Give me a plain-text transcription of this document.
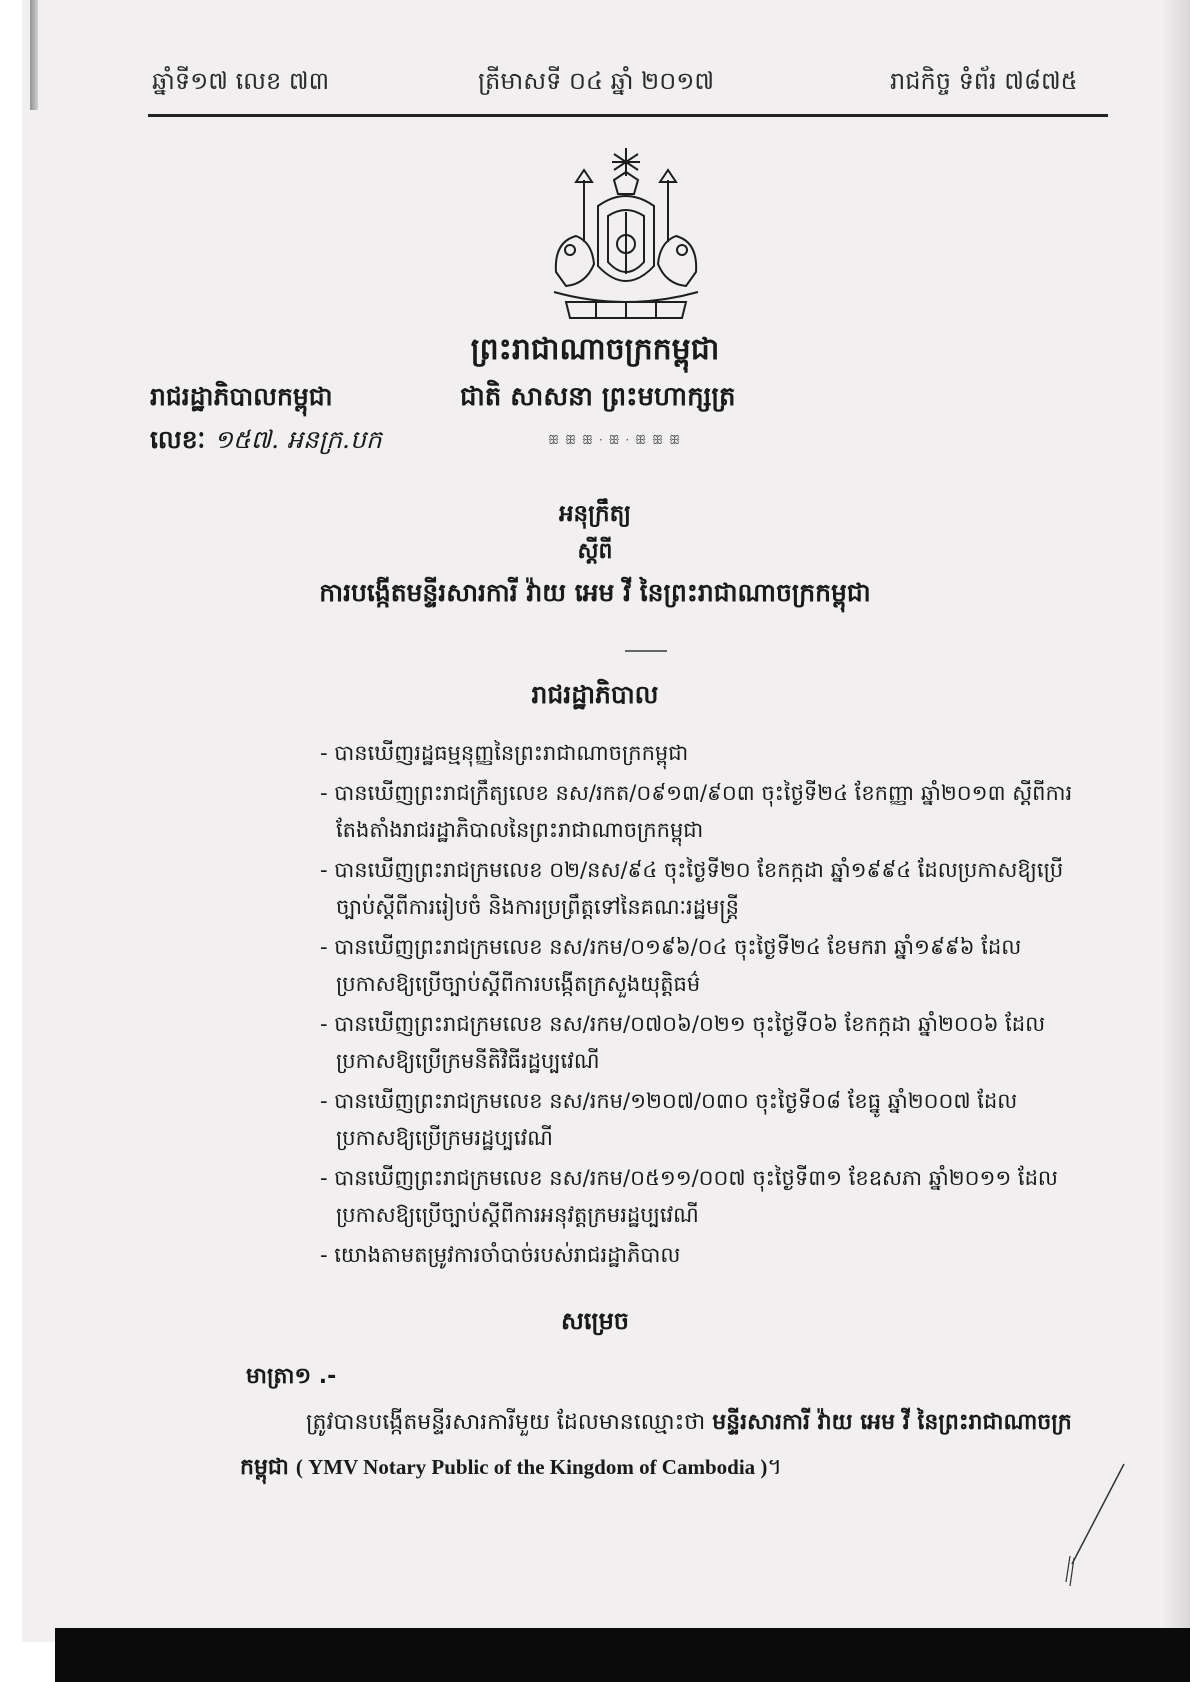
ឆ្នាំទី១៧ លេខ ៧៣	ត្រីមាសទី ០៤ ឆ្នាំ ២០១៧	រាជកិច្ច ទំព័រ ៧៨៧៥
ព្រះរាជាណាចក្រកម្ពុជា
រាជរដ្ឋាភិបាលកម្ពុជា	ជាតិ សាសនា ព្រះមហាក្សត្រ
លេខៈ ១៥៧. អនក្រ.បក	ꕥ ꕥ ꕥ · ꕥ · ꕥ ꕥ ꕥ
អនុក្រឹត្យ
ស្តីពី
ការបង្កើតមន្ទីរសារការី វ៉ាយ អេម វី នៃព្រះរាជាណាចក្រកម្ពុជា
រាជរដ្ឋាភិបាល
- បានឃើញរដ្ឋធម្មនុញ្ញនៃព្រះរាជាណាចក្រកម្ពុជា
- បានឃើញព្រះរាជក្រឹត្យលេខ នស/រកត/០៩១៣/៩០៣ ចុះថ្ងៃទី២៤ ខែកញ្ញា ឆ្នាំ២០១៣ ស្តីពីការតែងតាំងរាជរដ្ឋាភិបាលនៃព្រះរាជាណាចក្រកម្ពុជា
- បានឃើញព្រះរាជក្រមលេខ ០២/នស/៩៤ ចុះថ្ងៃទី២០ ខែកក្កដា ឆ្នាំ១៩៩៤ ដែលប្រកាសឱ្យប្រើច្បាប់ស្តីពីការរៀបចំ និងការប្រព្រឹត្តទៅនៃគណៈរដ្ឋមន្ត្រី
- បានឃើញព្រះរាជក្រមលេខ នស/រកម/០១៩៦/០៤ ចុះថ្ងៃទី២៤ ខែមករា ឆ្នាំ១៩៩៦ ដែលប្រកាសឱ្យប្រើច្បាប់ស្តីពីការបង្កើតក្រសួងយុត្តិធម៌
- បានឃើញព្រះរាជក្រមលេខ នស/រកម/០៧០៦/០២១ ចុះថ្ងៃទី០៦ ខែកក្កដា ឆ្នាំ២០០៦ ដែលប្រកាសឱ្យប្រើក្រមនីតិវិធីរដ្ឋប្បវេណី
- បានឃើញព្រះរាជក្រមលេខ នស/រកម/១២០៧/០៣០ ចុះថ្ងៃទី០៨ ខែធ្នូ ឆ្នាំ២០០៧ ដែលប្រកាសឱ្យប្រើក្រមរដ្ឋប្បវេណី
- បានឃើញព្រះរាជក្រមលេខ នស/រកម/០៥១១/០០៧ ចុះថ្ងៃទី៣១ ខែឧសភា ឆ្នាំ២០១១ ដែលប្រកាសឱ្យប្រើច្បាប់ស្តីពីការអនុវត្តក្រមរដ្ឋប្បវេណី
- យោងតាមតម្រូវការចាំបាច់របស់រាជរដ្ឋាភិបាល
សម្រេច
មាត្រា១ .-
ត្រូវបានបង្កើតមន្ទីរសារការីមួយ ដែលមានឈ្មោះថា មន្ទីរសារការី វ៉ាយ អេម វី នៃព្រះរាជាណាចក្រកម្ពុជា ( YMV Notary Public of the Kingdom of Cambodia )។
